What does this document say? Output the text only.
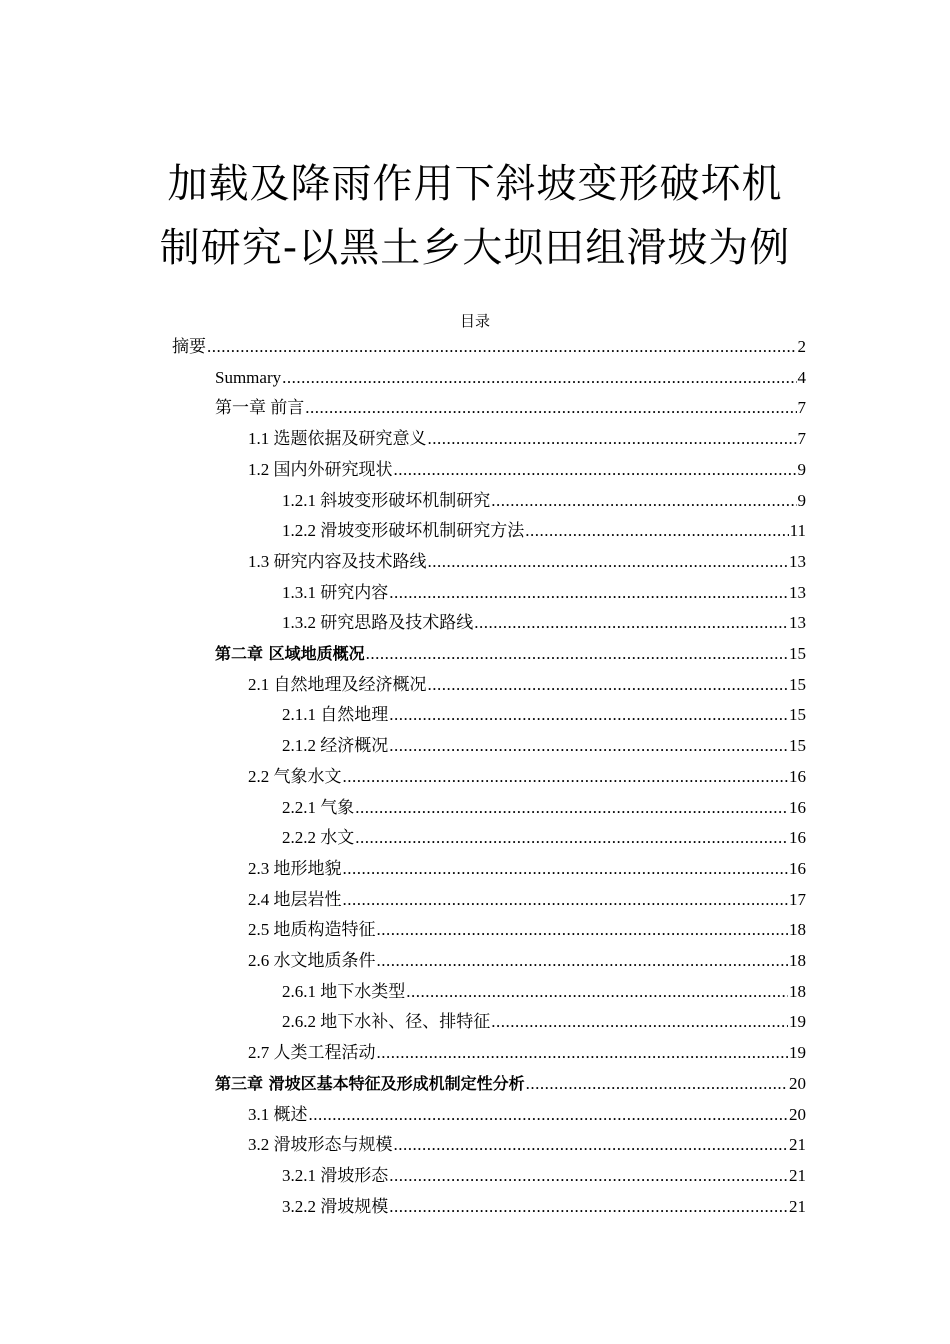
加载及降雨作用下斜坡变形破坏机
制研究-以黑土乡大坝田组滑坡为例
目录
摘要 .....	2
Summary .....	4
第一章 前言 .....	7
1.1 选题依据及研究意义 .....	7
1.2 国内外研究现状 .....	9
1.2.1 斜坡变形破坏机制研究 .....	9
1.2.2 滑坡变形破坏机制研究方法 .....	11
1.3 研究内容及技术路线 .....	13
1.3.1 研究内容 .....	13
1.3.2 研究思路及技术路线 .....	13
第二章 区域地质概况 .....	15
2.1 自然地理及经济概况 .....	15
2.1.1 自然地理 .....	15
2.1.2 经济概况 .....	15
2.2 气象水文 .....	16
2.2.1 气象 .....	16
2.2.2 水文 .....	16
2.3 地形地貌 .....	16
2.4 地层岩性 .....	17
2.5 地质构造特征 .....	18
2.6 水文地质条件 .....	18
2.6.1 地下水类型 .....	18
2.6.2 地下水补、径、排特征 .....	19
2.7 人类工程活动 .....	19
第三章 滑坡区基本特征及形成机制定性分析 .....	20
3.1 概述 .....	20
3.2 滑坡形态与规模 .....	21
3.2.1 滑坡形态 .....	21
3.2.2 滑坡规模 .....	21
